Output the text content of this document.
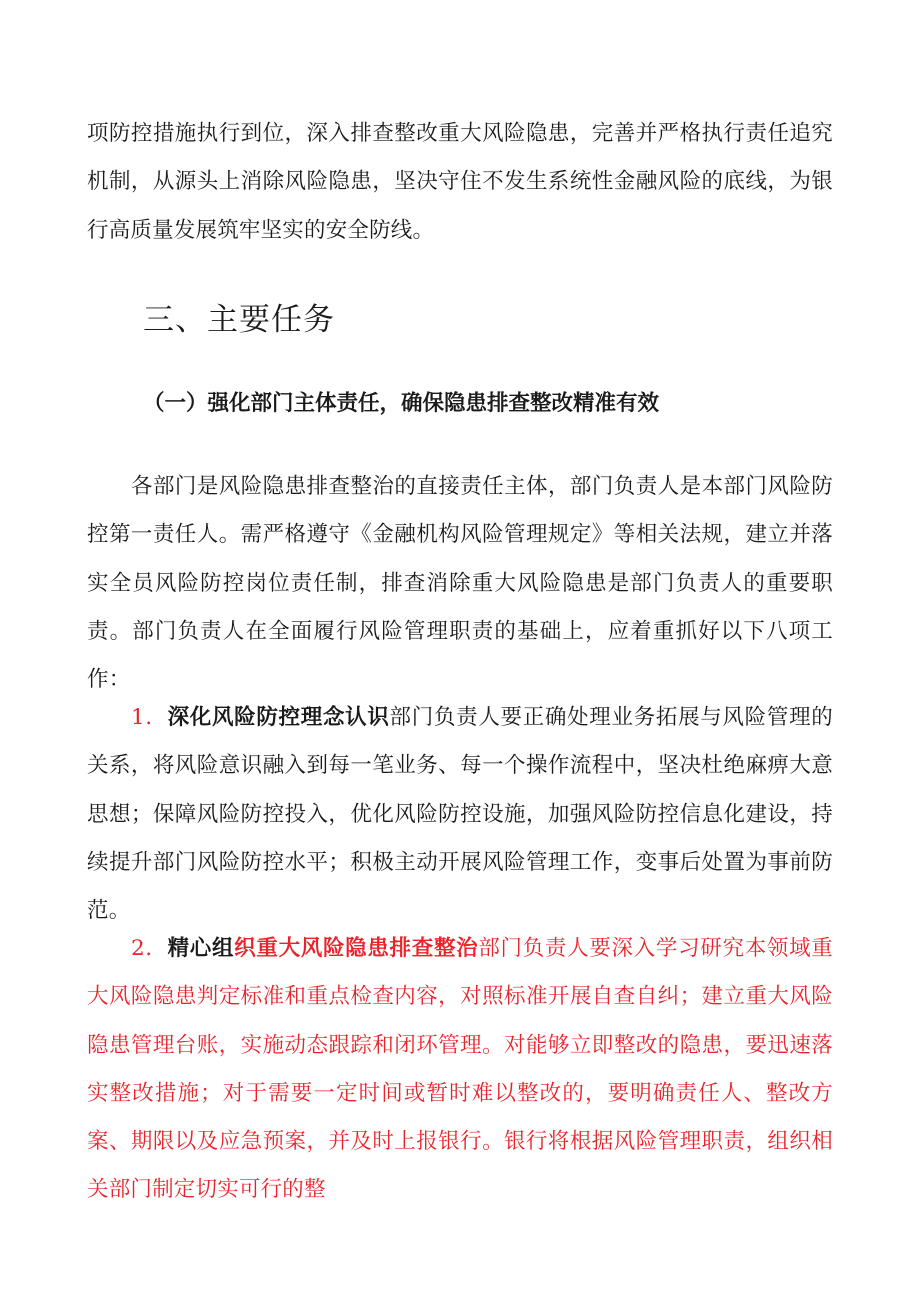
项防控措施执行到位，深入排查整改重大风险隐患，完善并严格执行责任追究机制，从源头上消除风险隐患，坚决守住不发生系统性金融风险的底线，为银行高质量发展筑牢坚实的安全防线。

三、主要任务
（一）强化部门主体责任，确保隐患排查整改精准有效

各部门是风险隐患排查整治的直接责任主体，部门负责人是本部门风险防控第一责任人。需严格遵守《金融机构风险管理规定》等相关法规，建立并落实全员风险防控岗位责任制，排查消除重大风险隐患是部门负责人的重要职责。部门负责人在全面履行风险管理职责的基础上，应着重抓好以下八项工作：

1．深化风险防控理念认识部门负责人要正确处理业务拓展与风险管理的关系，将风险意识融入到每一笔业务、每一个操作流程中，坚决杜绝麻痹大意思想；保障风险防控投入，优化风险防控设施，加强风险防控信息化建设，持续提升部门风险防控水平；积极主动开展风险管理工作，变事后处置为事前防范。

2．精心组织重大风险隐患排查整治部门负责人要深入学习研究本领域重大风险隐患判定标准和重点检查内容，对照标准开展自查自纠；建立重大风险隐患管理台账，实施动态跟踪和闭环管理。对能够立即整改的隐患，要迅速落实整改措施；对于需要一定时间或暂时难以整改的，要明确责任人、整改方案、期限以及应急预案，并及时上报银行。银行将根据风险管理职责，组织相关部门制定切实可行的整
